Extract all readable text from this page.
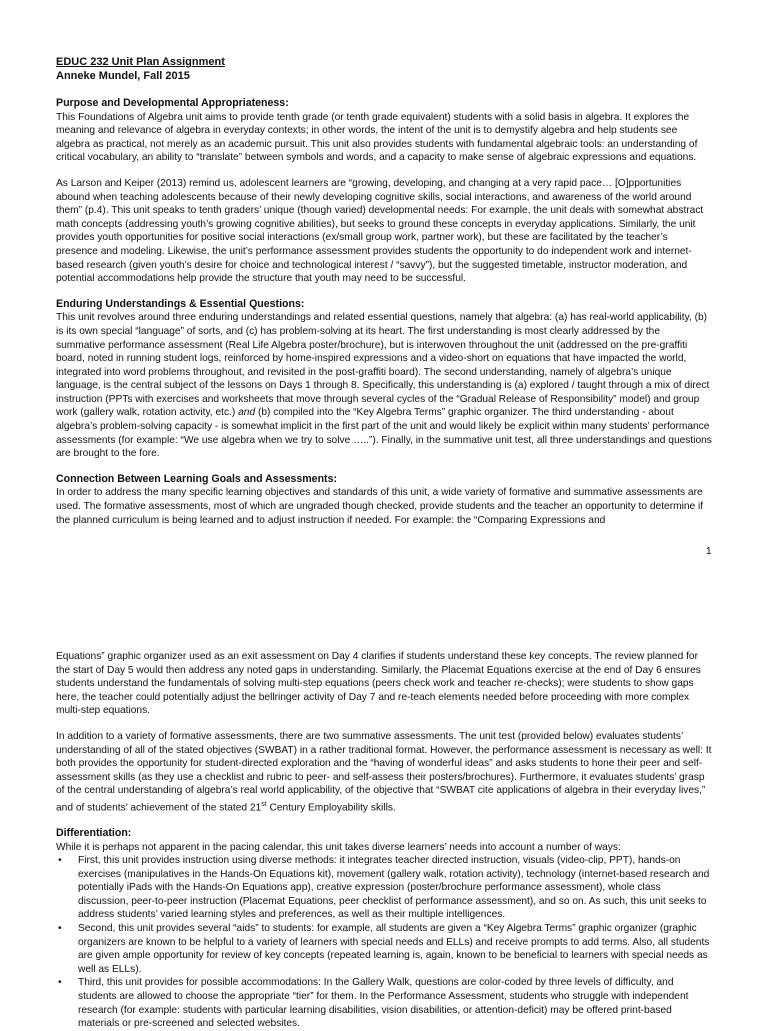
EDUC 232 Unit Plan Assignment
Anneke Mundel, Fall 2015
Purpose and Developmental Appropriateness:

This Foundations of Algebra unit aims to provide tenth grade (or tenth grade equivalent) students with a solid basis in algebra. It explores the meaning and relevance of algebra in everyday contexts; in other words, the intent of the unit is to demystify algebra and help students see algebra as practical, not merely as an academic pursuit. This unit also provides students with fundamental algebraic tools: an understanding of critical vocabulary, an ability to “translate” between symbols and words, and a capacity to make sense of algebraic expressions and equations.

As Larson and Keiper (2013) remind us, adolescent learners are “growing, developing, and changing at a very rapid pace… [O]pportunities abound when teaching adolescents because of their newly developing cognitive skills, social interactions, and awareness of the world around them” (p.4). This unit speaks to tenth graders’ unique (though varied) developmental needs: For example, the unit deals with somewhat abstract math concepts (addressing youth’s growing cognitive abilities), but seeks to ground these concepts in everyday applications. Similarly, the unit provides youth opportunities for positive social interactions (ex/small group work, partner work), but these are facilitated by the teacher’s presence and modeling. Likewise, the unit’s performance assessment provides students the opportunity to do independent work and internet-based research (given youth’s desire for choice and technological interest / “savvy”), but the suggested timetable, instructor moderation, and potential accommodations help provide the structure that youth may need to be successful.

Enduring Understandings & Essential Questions:

This unit revolves around three enduring understandings and related essential questions, namely that algebra: (a) has real-world applicability, (b) is its own special “language” of sorts, and (c) has problem-solving at its heart. The first understanding is most clearly addressed by the summative performance assessment (Real Life Algebra poster/brochure), but is interwoven throughout the unit (addressed on the pre-graffiti board, noted in running student logs, reinforced by home-inspired expressions and a video-short on equations that have impacted the world, integrated into word problems throughout, and revisited in the post-graffiti board). The second understanding, namely of algebra’s unique language, is the central subject of the lessons on Days 1 through 8. Specifically, this understanding is (a) explored / taught through a mix of direct instruction (PPTs with exercises and worksheets that move through several cycles of the “Gradual Release of Responsibility” model) and group work (gallery walk, rotation activity, etc.) and (b) compiled into the “Key Algebra Terms” graphic organizer. The third understanding - about algebra’s problem-solving capacity - is somewhat implicit in the first part of the unit and would likely be explicit within many students’ performance assessments (for example: “We use algebra when we try to solve …..”). Finally, in the summative unit test, all three understandings and questions are brought to the fore.

Connection Between Learning Goals and Assessments:

In order to address the many specific learning objectives and standards of this unit, a wide variety of formative and summative assessments are used. The formative assessments, most of which are ungraded though checked, provide students and the teacher an opportunity to determine if the planned curriculum is being learned and to adjust instruction if needed. For example: the “Comparing Expressions and

1

Equations” graphic organizer used as an exit assessment on Day 4 clarifies if students understand these key concepts. The review planned for the start of Day 5 would then address any noted gaps in understanding. Similarly, the Placemat Equations exercise at the end of Day 6 ensures students understand the fundamentals of solving multi-step equations (peers check work and teacher re-checks); were students to show gaps here, the teacher could potentially adjust the bellringer activity of Day 7 and re-teach elements needed before proceeding with more complex multi-step equations.

In addition to a variety of formative assessments, there are two summative assessments. The unit test (provided below) evaluates students’ understanding of all of the stated objectives (SWBAT) in a rather traditional format. However, the performance assessment is necessary as well: It both provides the opportunity for student-directed exploration and the “having of wonderful ideas” and asks students to hone their peer and self-assessment skills (as they use a checklist and rubric to peer- and self-assess their posters/brochures). Furthermore, it evaluates students’ grasp of the central understanding of algebra’s real world applicability, of the objective that “SWBAT cite applications of algebra in their everyday lives,” and of students’ achievement of the stated 21st Century Employability skills.

Differentiation:
While it is perhaps not apparent in the pacing calendar, this unit takes diverse learners’ needs into account a number of ways:
• First, this unit provides instruction using diverse methods: it integrates teacher directed instruction, visuals (video-clip, PPT), hands-on exercises (manipulatives in the Hands-On Equations kit), movement (gallery walk, rotation activity), technology (internet-based research and potentially iPads with the Hands-On Equations app), creative expression (poster/brochure performance assessment), whole class discussion, peer-to-peer instruction (Placemat Equations, peer checklist of performance assessment), and so on. As such, this unit seeks to address students’ varied learning styles and preferences, as well as their multiple intelligences.
• Second, this unit provides several “aids” to students: for example, all students are given a “Key Algebra Terms” graphic organizer (graphic organizers are known to be helpful to a variety of learners with special needs and ELLs) and receive prompts to add terms. Also, all students are given ample opportunity for review of key concepts (repeated learning is, again, known to be beneficial to learners with special needs as well as ELLs).
• Third, this unit provides for possible accommodations: In the Gallery Walk, questions are color-coded by three levels of difficulty, and students are allowed to choose the appropriate “tier” for them. In the Performance Assessment, students who struggle with independent research (for example: students with particular learning disabilities, vision disabilities, or attention-deficit) may be offered print-based materials or pre-screened and selected websites.
